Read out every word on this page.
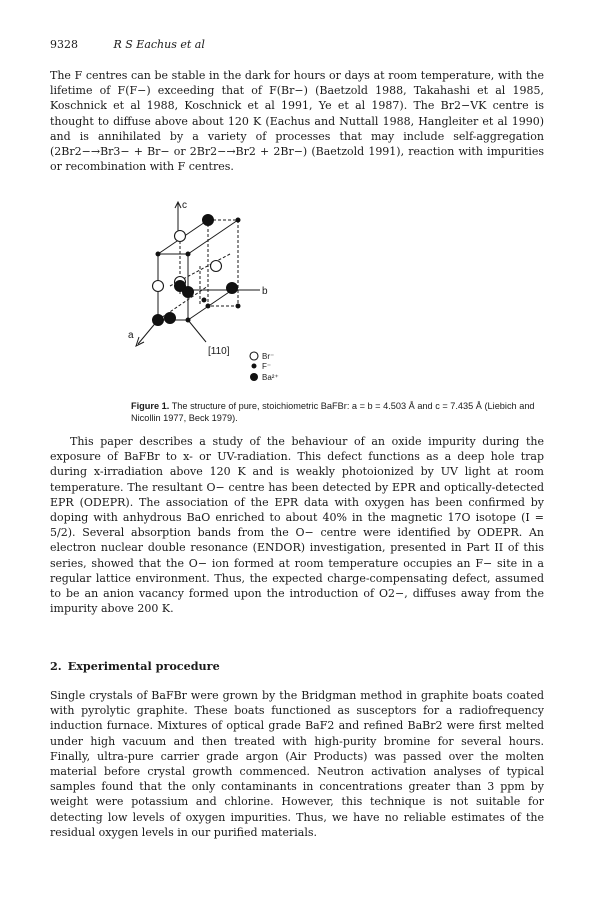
9328	R S Eachus et al

The F centres can be stable in the dark for hours or days at room temperature, with the lifetime of F(F−) exceeding that of F(Br−) (Baetzold 1988, Takahashi et al 1985, Koschnick et al 1988, Koschnick et al 1991, Ye et al 1987). The Br2−VK centre is thought to diffuse above about 120 K (Eachus and Nuttall 1988, Hangleiter et al 1990) and is annihilated by a variety of processes that may include self-aggregation (2Br2−→Br3− + Br− or 2Br2−→Br2 + 2Br−) (Baetzold 1991), reaction with impurities or recombination with F centres.

c
b
a
[110]	Br⁻
F⁻
Ba²⁺
Figure 1. The structure of pure, stoichiometric BaFBr: a = b = 4.503 Å and c = 7.435 Å (Liebich and Nicollin 1977, Beck 1979).

This paper describes a study of the behaviour of an oxide impurity during the exposure of BaFBr to x- or UV-radiation. This defect functions as a deep hole trap during x-irradiation above 120 K and is weakly photoionized by UV light at room temperature. The resultant O− centre has been detected by EPR and optically-detected EPR (ODEPR). The association of the EPR data with oxygen has been confirmed by doping with anhydrous BaO enriched to about 40% in the magnetic 17O isotope (I = 5/2). Several absorption bands from the O− centre were identified by ODEPR. An electron nuclear double resonance (ENDOR) investigation, presented in Part II of this series, showed that the O− ion formed at room temperature occupies an F− site in a regular lattice environment. Thus, the expected charge-compensating defect, assumed to be an anion vacancy formed upon the introduction of O2−, diffuses away from the impurity above 200 K.

2. Experimental procedure

Single crystals of BaFBr were grown by the Bridgman method in graphite boats coated with pyrolytic graphite. These boats functioned as susceptors for a radiofrequency induction furnace. Mixtures of optical grade BaF2 and refined BaBr2 were first melted under high vacuum and then treated with high-purity bromine for several hours. Finally, ultra-pure carrier grade argon (Air Products) was passed over the molten material before crystal growth commenced. Neutron activation analyses of typical samples found that the only contaminants in concentrations greater than 3 ppm by weight were potassium and chlorine. However, this technique is not suitable for detecting low levels of oxygen impurities. Thus, we have no reliable estimates of the residual oxygen levels in our purified materials.
